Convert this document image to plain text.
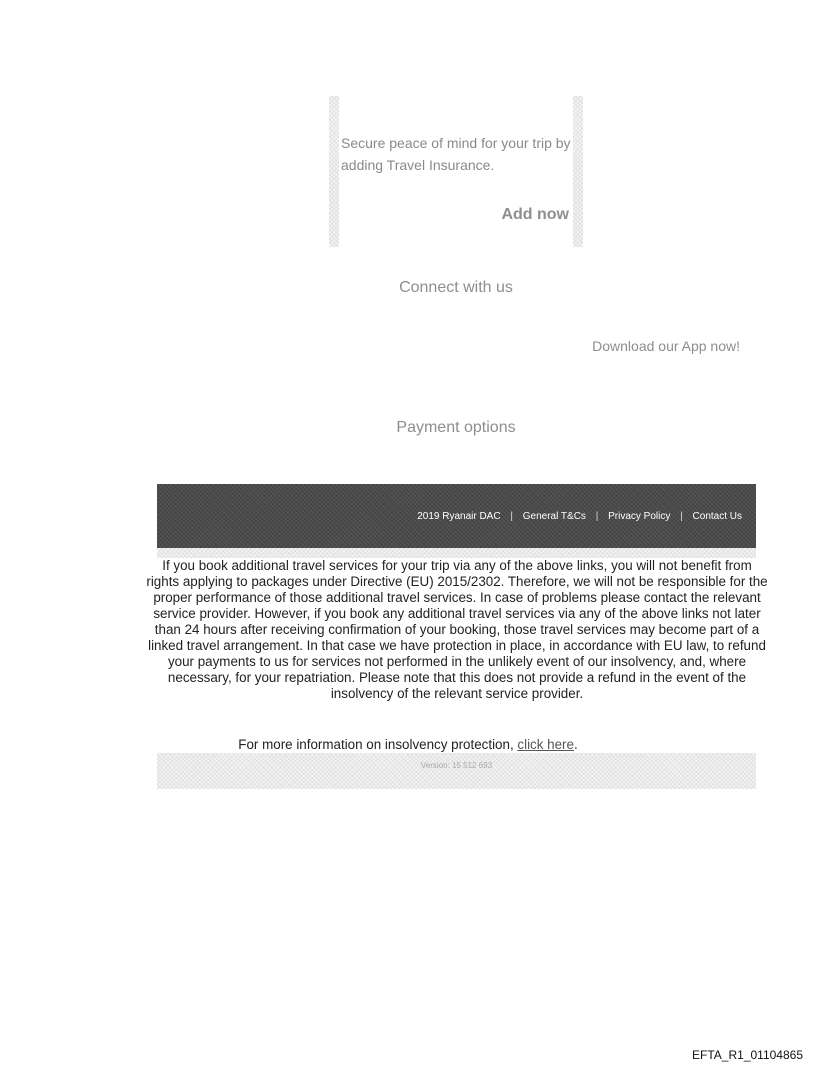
Secure peace of mind for your trip by adding Travel Insurance.
Add now
Connect with us
Download our App now!
Payment options
2019 Ryanair DAC | General T&Cs | Privacy Policy | Contact Us
If you book additional travel services for your trip via any of the above links, you will not benefit from rights applying to packages under Directive (EU) 2015/2302. Therefore, we will not be responsible for the proper performance of those additional travel services. In case of problems please contact the relevant service provider. However, if you book any additional travel services via any of the above links not later than 24 hours after receiving confirmation of your booking, those travel services may become part of a linked travel arrangement. In that case we have protection in place, in accordance with EU law, to refund your payments to us for services not performed in the unlikely event of our insolvency, and, where necessary, for your repatriation. Please note that this does not provide a refund in the event of the insolvency of the relevant service provider.
For more information on insolvency protection, click here.
Version: 15 512 693
EFTA_R1_01104865
